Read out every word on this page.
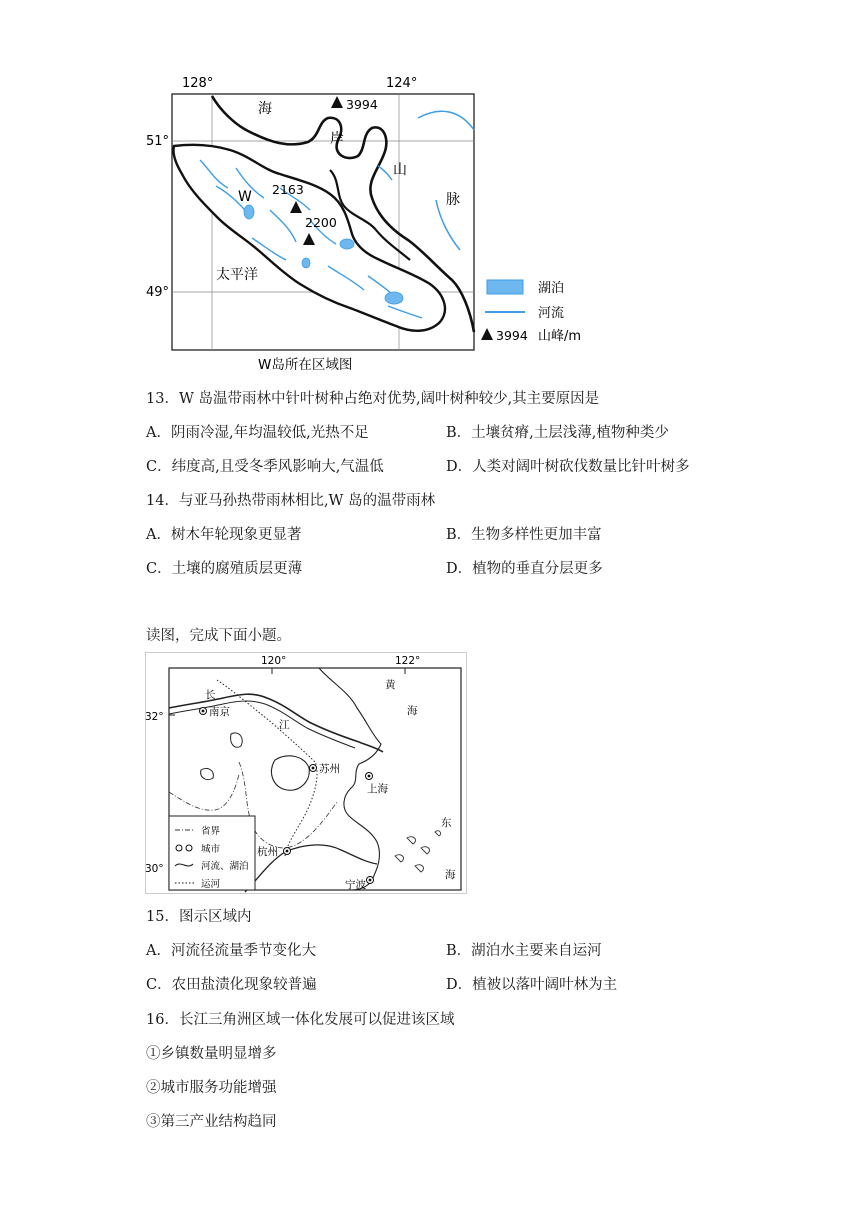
128°	124°
51°
49°
3994
2163
2200
海
岸
山
脉
W
太平洋
W岛所在区域图
湖泊
河流
3994 山峰/m
13．W 岛温带雨林中针叶树种占绝对优势,阔叶树种较少,其主要原因是
A．阴雨冷湿,年均温较低,光热不足	B．土壤贫瘠,土层浅薄,植物种类少
C．纬度高,且受冬季风影响大,气温低	D．人类对阔叶树砍伐数量比针叶树多
14．与亚马孙热带雨林相比,W 岛的温带雨林
A．树木年轮现象更显著	B．生物多样性更加丰富
C．土壤的腐殖质层更薄	D．植物的垂直分层更多
读图，完成下面小题。
120°	122°
32°
30°
长
江
黄
海
东
海
南京
苏州
上海
杭州
宁波
省界
城市
河流、湖泊
运河
15．图示区域内
A．河流径流量季节变化大	B．湖泊水主要来自运河
C．农田盐渍化现象较普遍	D．植被以落叶阔叶林为主
16．长江三角洲区域一体化发展可以促进该区域
①乡镇数量明显增多
②城市服务功能增强
③第三产业结构趋同
